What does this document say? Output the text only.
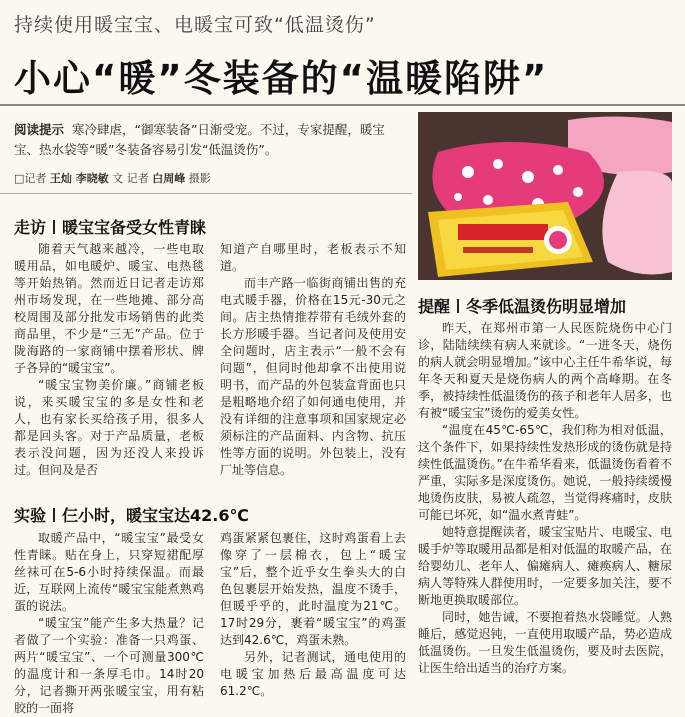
持续使用暖宝宝、电暖宝可致“低温烫伤”
小心“暖”冬装备的“温暖陷阱”
阅读提示 寒冷肆虐，“御寒装备”日渐受宠。不过，专家提醒，暖宝宝、热水袋等“暖”冬装备容易引发“低温烫伤”。
□记者 王灿 李晓敏 文 记者 白周峰 摄影
走访 暖宝宝备受女性青睐

随着天气越来越冷，一些电取暖用品，如电暖炉、暖宝、电热毯等开始热销。然而近日记者走访郑州市场发现，在一些地摊、部分高校周围及部分批发市场销售的此类商品里，不少是“三无”产品。位于陇海路的一家商铺中摆着形状、牌子各异的“暖宝宝”。

“暖宝宝物美价廉。”商铺老板说，来买暖宝宝的多是女性和老人，也有家长买给孩子用，很多人都是回头客。对于产品质量，老板表示没问题，因为还没人来投诉过。但问及是否

知道产自哪里时，老板表示不知道。

而丰产路一临街商铺出售的充电式暖手器，价格在15元-30元之间。店主热情推荐带有毛绒外套的长方形暖手器。当记者问及使用安全问题时，店主表示“一般不会有问题”，但同时他却拿不出使用说明书，而产品的外包装盒背面也只是粗略地介绍了如何通电使用，并没有详细的注意事项和国家规定必须标注的产品面料、内含物、抗压性等方面的说明。外包装上，没有厂址等信息。

实验 仨小时，暖宝宝达42.6℃

取暖产品中，“暖宝宝”最受女性青睐。贴在身上，只穿短裙配厚丝袜可在5-6小时持续保温。而最近，互联网上流传“暖宝宝能煮熟鸡蛋的说法。

“暖宝宝”能产生多大热量？记者做了一个实验：准备一只鸡蛋、两片“暖宝宝”、一个可测量300℃的温度计和一条厚毛巾。14时20分，记者撕开两张暖宝宝，用有粘胶的一面将

鸡蛋紧紧包裹住，这时鸡蛋看上去像穿了一层棉衣，包上“暖宝宝”后，整个近乎女生拳头大的白色包裹层开始发热，温度不烫手，但暖乎乎的，此时温度为21℃。17时29分，裹着“暖宝宝”的鸡蛋达到42.6℃，鸡蛋未熟。

另外，记者测试，通电使用的电暖宝加热后最高温度可达61.2℃。

提醒 冬季低温烫伤明显增加

昨天，在郑州市第一人民医院烧伤中心门诊，陆陆续续有病人来就诊。“一进冬天，烧伤的病人就会明显增加。”该中心主任牛希华说，每年冬天和夏天是烧伤病人的两个高峰期。在冬季，被持续性低温烫伤的孩子和老年人居多，也有被“暖宝宝”烫伤的爱美女性。

“温度在45℃-65℃，我们称为相对低温，这个条件下，如果持续性发热形成的烫伤就是持续性低温烫伤。”在牛希华看来，低温烫伤看着不严重，实际多是深度烫伤。她说，一般持续缓慢地烫伤皮肤，易被人疏忽，当觉得疼痛时，皮肤可能已坏死，如“温水煮青蛙”。

她特意提醒读者，暖宝宝贴片、电暖宝、电暖手炉等取暖用品都是相对低温的取暖产品，在给婴幼儿、老年人、偏瘫病人、瘫痪病人、糖尿病人等特殊人群使用时，一定要多加关注，要不断地更换取暖部位。

同时，她告诫，不要抱着热水袋睡觉。人熟睡后，感觉迟钝，一直使用取暖产品，势必造成低温烫伤。一旦发生低温烫伤，要及时去医院，让医生给出适当的治疗方案。
